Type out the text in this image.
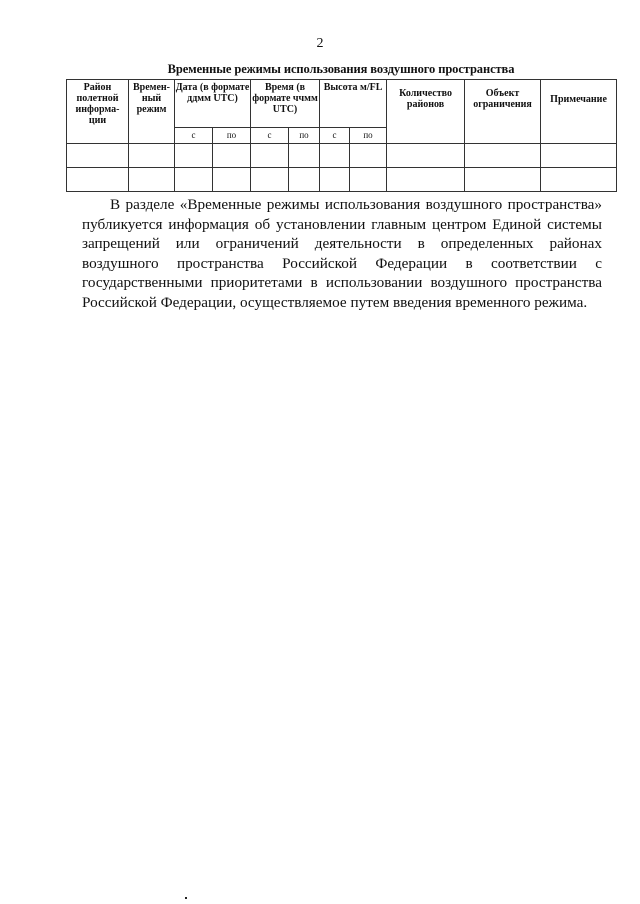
2
Временные режимы использования воздушного пространства
Район полетной информа-ции	Времен-ный режим	Дата (в формате ддмм UTC)		Время (в формате ччмм UTC)		Высота м/FL		Количество районов	Объект ограничения	Примечание
		с	по	с	по	с	по			

В разделе «Временные режимы использования воздушного пространства» публикуется информация об установлении главным центром Единой системы запрещений или ограничений деятельности в определенных районах воздушного пространства Российской Федерации в соответствии с государственными приоритетами в использовании воздушного пространства Российской Федерации, осуществляемое путем введения временного режима.
